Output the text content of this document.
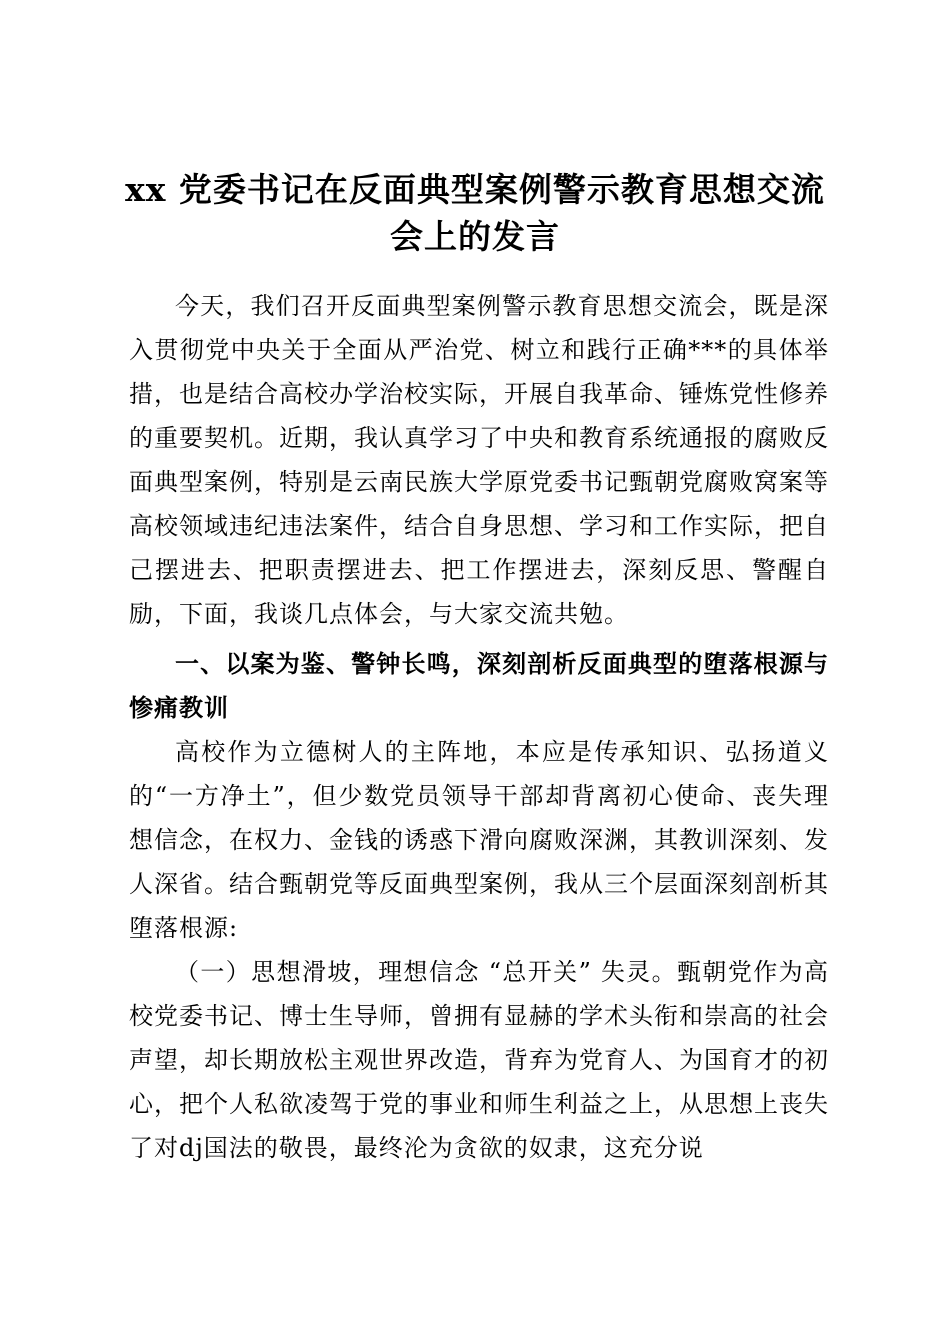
xx 党委书记在反面典型案例警示教育思想交流会上的发言

今天，我们召开反面典型案例警示教育思想交流会，既是深入贯彻党中央关于全面从严治党、树立和践行正确***的具体举措，也是结合高校办学治校实际，开展自我革命、锤炼党性修养的重要契机。近期，我认真学习了中央和教育系统通报的腐败反面典型案例，特别是云南民族大学原党委书记甄朝党腐败窝案等高校领域违纪违法案件，结合自身思想、学习和工作实际，把自己摆进去、把职责摆进去、把工作摆进去，深刻反思、警醒自励，下面，我谈几点体会，与大家交流共勉。

一、以案为鉴、警钟长鸣，深刻剖析反面典型的堕落根源与惨痛教训

高校作为立德树人的主阵地，本应是传承知识、弘扬道义的“一方净土”，但少数党员领导干部却背离初心使命、丧失理想信念，在权力、金钱的诱惑下滑向腐败深渊，其教训深刻、发人深省。结合甄朝党等反面典型案例，我从三个层面深刻剖析其堕落根源:

（一）思想滑坡，理想信念 “总开关” 失灵。甄朝党作为高校党委书记、博士生导师，曾拥有显赫的学术头衔和崇高的社会声望，却长期放松主观世界改造，背弃为党育人、为国育才的初心，把个人私欲凌驾于党的事业和师生利益之上，从思想上丧失了对dj国法的敬畏，最终沦为贪欲的奴隶，这充分说
